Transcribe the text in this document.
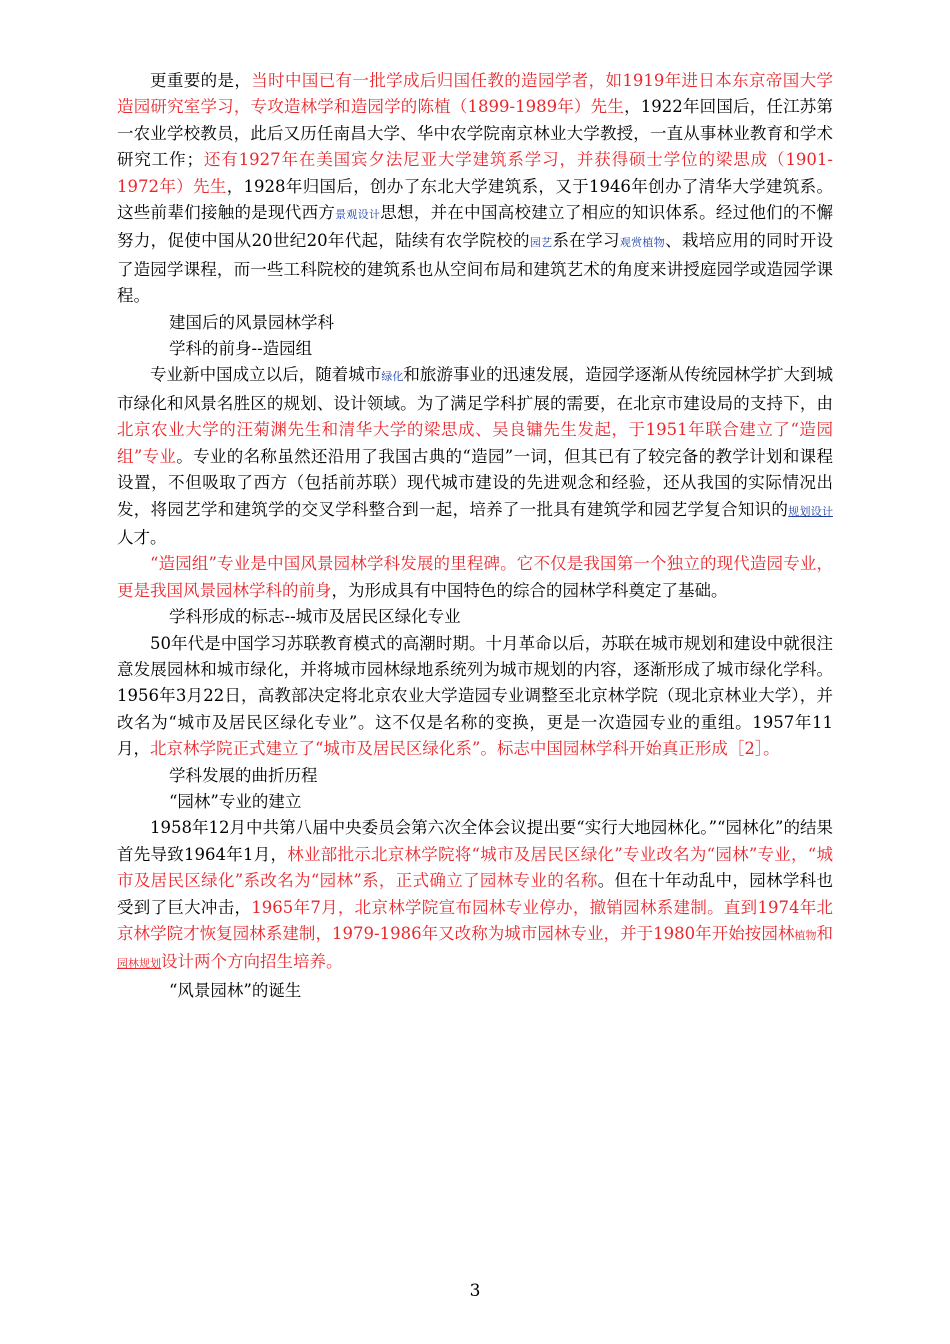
更重要的是，当时中国已有一批学成后归国任教的造园学者，如1919年进日本东京帝国大学造园研究室学习，专攻造林学和造园学的陈植（1899-1989年）先生，1922年回国后，任江苏第一农业学校教员，此后又历任南昌大学、华中农学院南京林业大学教授，一直从事林业教育和学术研究工作；还有1927年在美国宾夕法尼亚大学建筑系学习，并获得硕士学位的梁思成（1901-1972年）先生，1928年归国后，创办了东北大学建筑系，又于1946年创办了清华大学建筑系。这些前辈们接触的是现代西方景观设计思想，并在中国高校建立了相应的知识体系。经过他们的不懈努力，促使中国从20世纪20年代起，陆续有农学院校的园艺系在学习观赏植物、栽培应用的同时开设了造园学课程，而一些工科院校的建筑系也从空间布局和建筑艺术的角度来讲授庭园学或造园学课程。

建国后的风景园林学科

学科的前身--造园组

专业新中国成立以后，随着城市绿化和旅游事业的迅速发展，造园学逐渐从传统园林学扩大到城市绿化和风景名胜区的规划、设计领域。为了满足学科扩展的需要，在北京市建设局的支持下，由北京农业大学的汪菊渊先生和清华大学的梁思成、吴良镛先生发起，于1951年联合建立了“造园组”专业。专业的名称虽然还沿用了我国古典的“造园”一词，但其已有了较完备的教学计划和课程设置，不但吸取了西方（包括前苏联）现代城市建设的先进观念和经验，还从我国的实际情况出发，将园艺学和建筑学的交叉学科整合到一起，培养了一批具有建筑学和园艺学复合知识的规划设计人才。

“造园组”专业是中国风景园林学科发展的里程碑。它不仅是我国第一个独立的现代造园专业，更是我国风景园林学科的前身，为形成具有中国特色的综合的园林学科奠定了基础。

学科形成的标志--城市及居民区绿化专业

50年代是中国学习苏联教育模式的高潮时期。十月革命以后，苏联在城市规划和建设中就很注意发展园林和城市绿化，并将城市园林绿地系统列为城市规划的内容，逐渐形成了城市绿化学科。1956年3月22日，高教部决定将北京农业大学造园专业调整至北京林学院（现北京林业大学），并改名为“城市及居民区绿化专业”。这不仅是名称的变换，更是一次造园专业的重组。1957年11月，北京林学院正式建立了“城市及居民区绿化系”。标志中国园林学科开始真正形成［2］。

学科发展的曲折历程

“园林”专业的建立

1958年12月中共第八届中央委员会第六次全体会议提出要“实行大地园林化。”“园林化”的结果首先导致1964年1月，林业部批示北京林学院将“城市及居民区绿化”专业改名为“园林”专业，“城市及居民区绿化”系改名为“园林”系，正式确立了园林专业的名称。但在十年动乱中，园林学科也受到了巨大冲击，1965年7月，北京林学院宣布园林专业停办，撤销园林系建制。直到1974年北京林学院才恢复园林系建制，1979-1986年又改称为城市园林专业，并于1980年开始按园林植物和园林规划设计两个方向招生培养。

“风景园林”的诞生

3
